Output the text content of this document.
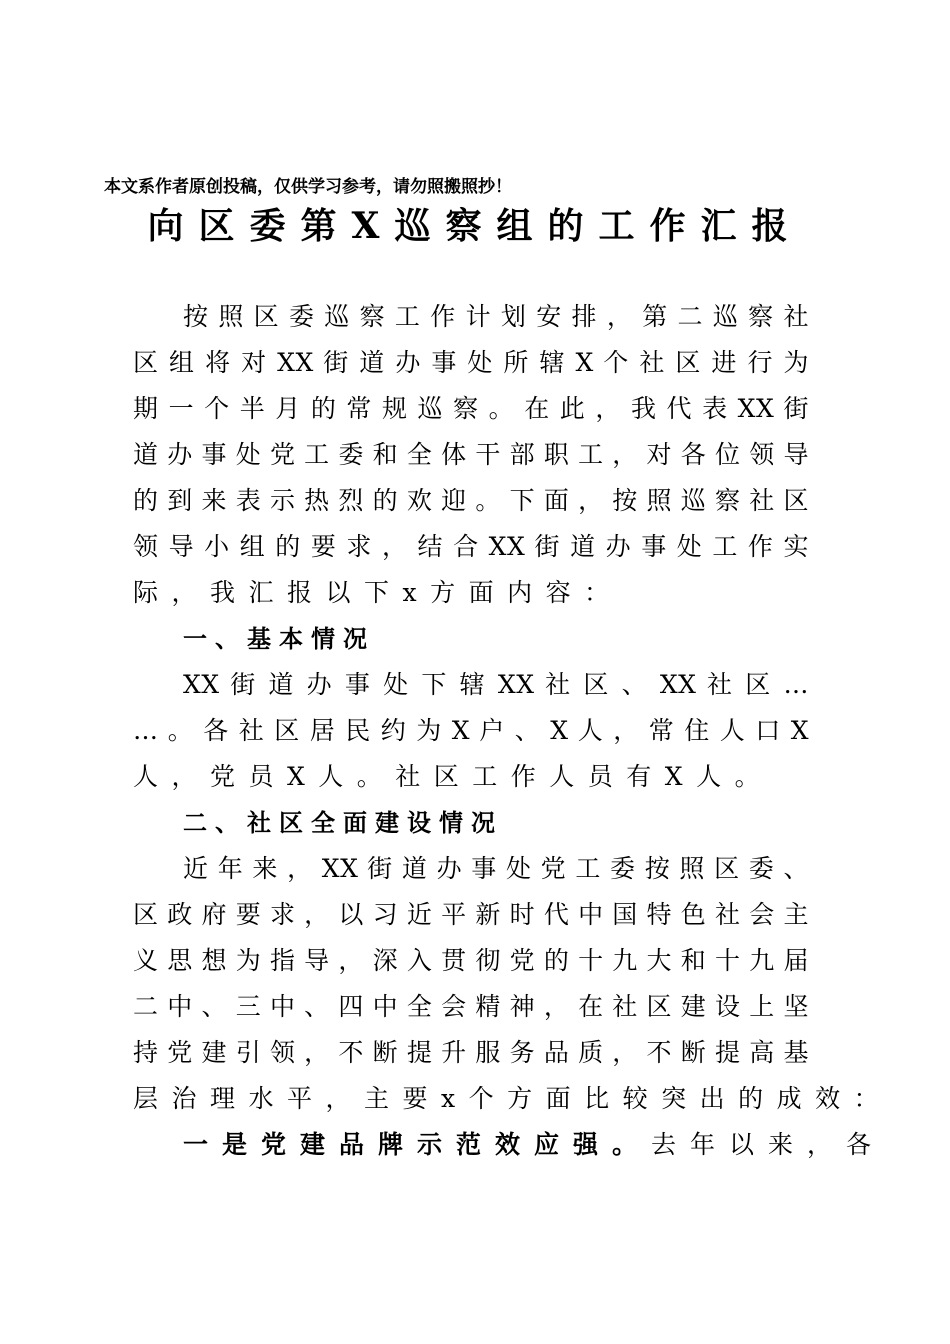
本文系作者原创投稿，仅供学习参考，请勿照搬照抄！
向区委第X巡察组的工作汇报
按 照 区 委 巡 察 工 作 计 划 安 排 ， 第 二 巡 察 社
区 组 将 对 XX 街 道 办 事 处 所 辖 X 个 社 区 进 行 为
期 一 个 半 月 的 常 规 巡 察 。 在 此 ， 我 代 表 XX 街
道 办 事 处 党 工 委 和 全 体 干 部 职 工 ， 对 各 位 领 导
的 到 来 表 示 热 烈 的 欢 迎 。 下 面 ， 按 照 巡 察 社 区
领 导 小 组 的 要 求 ， 结 合 XX 街 道 办 事 处 工 作 实
际，我汇报以下x方面内容：
一、基本情况
XX 街 道 办 事 处 下 辖 XX 社 区 、 XX 社 区 …
… 。 各 社 区 居 民 约 为 X 户 、 X 人 ， 常 住 人 口 X
人，党员X人。社区工作人员有X人。
二、社区全面建设情况
近 年 来 ， XX 街 道 办 事 处 党 工 委 按 照 区 委 、
区 政 府 要 求 ， 以 习 近 平 新 时 代 中 国 特 色 社 会 主
义 思 想 为 指 导 ， 深 入 贯 彻 党 的 十 九 大 和 十 九 届
二 中 、 三 中 、 四 中 全 会 精 神 ， 在 社 区 建 设 上 坚
持 党 建 引 领 ， 不 断 提 升 服 务 品 质 ， 不 断 提 高 基
层治理水平，主要x个方面比较突出的成效：
一是党建品牌示范效应强。去年以来，各
